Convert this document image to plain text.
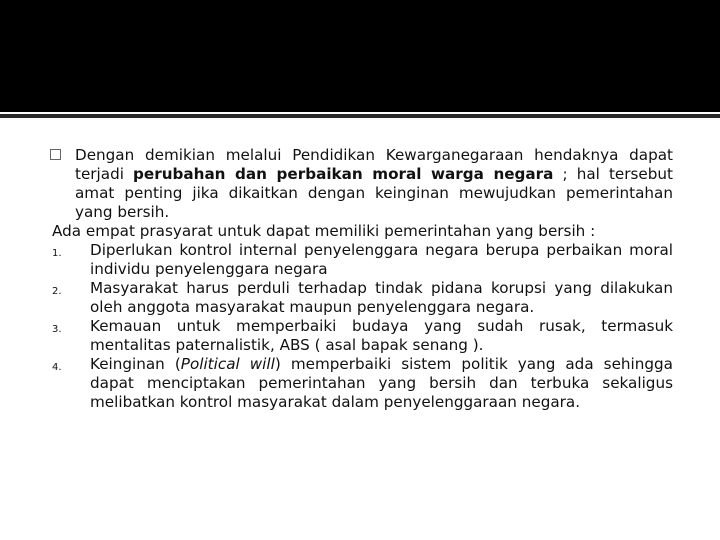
Dengan demikian melalui Pendidikan Kewarganegaraan hendaknya dapat terjadi perubahan dan perbaikan moral warga negara ; hal tersebut amat penting jika dikaitkan dengan keinginan mewujudkan pemerintahan yang bersih.
Ada empat prasyarat untuk dapat memiliki pemerintahan yang bersih :
1. Diperlukan kontrol internal penyelenggara negara berupa perbaikan moral individu penyelenggara negara
2. Masyarakat harus perduli terhadap tindak pidana korupsi yang dilakukan oleh anggota masyarakat maupun penyelenggara negara.
3. Kemauan untuk memperbaiki budaya yang sudah rusak, termasuk mentalitas paternalistik, ABS ( asal bapak senang ).
4. Keinginan (Political will) memperbaiki sistem politik yang ada sehingga dapat menciptakan pemerintahan yang bersih dan terbuka sekaligus melibatkan kontrol masyarakat dalam penyelenggaraan negara.
